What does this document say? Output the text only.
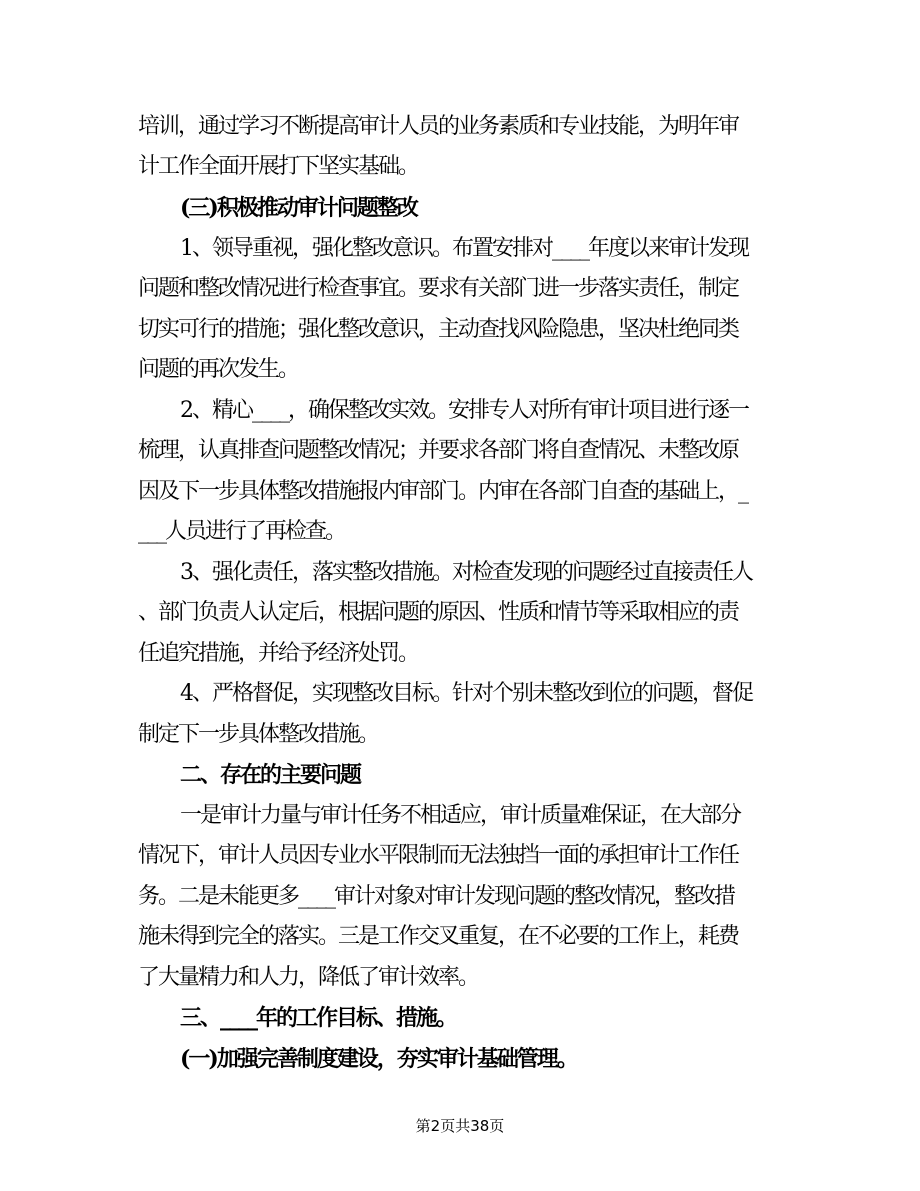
培训，通过学习不断提高审计人员的业务素质和专业技能，为明年审
计工作全面开展打下坚实基础。
(三)积极推动审计问题整改
1、领导重视，强化整改意识。布置安排对____年度以来审计发现
问题和整改情况进行检查事宜。要求有关部门进一步落实责任，制定
切实可行的措施；强化整改意识，主动查找风险隐患，坚决杜绝同类
问题的再次发生。
2、精心____，确保整改实效。安排专人对所有审计项目进行逐一
梳理，认真排查问题整改情况；并要求各部门将自查情况、未整改原
因及下一步具体整改措施报内审部门。内审在各部门自查的基础上，_
___人员进行了再检查。
3、强化责任，落实整改措施。对检查发现的问题经过直接责任人
、部门负责人认定后，根据问题的原因、性质和情节等采取相应的责
任追究措施，并给予经济处罚。
4、严格督促，实现整改目标。针对个别未整改到位的问题，督促
制定下一步具体整改措施。
二、存在的主要问题
一是审计力量与审计任务不相适应，审计质量难保证，在大部分
情况下，审计人员因专业水平限制而无法独挡一面的承担审计工作任
务。二是未能更多____审计对象对审计发现问题的整改情况，整改措
施未得到完全的落实。三是工作交叉重复，在不必要的工作上，耗费
了大量精力和人力，降低了审计效率。
三、____年的工作目标、措施。
(一)加强完善制度建设，夯实审计基础管理。
第2页共38页
